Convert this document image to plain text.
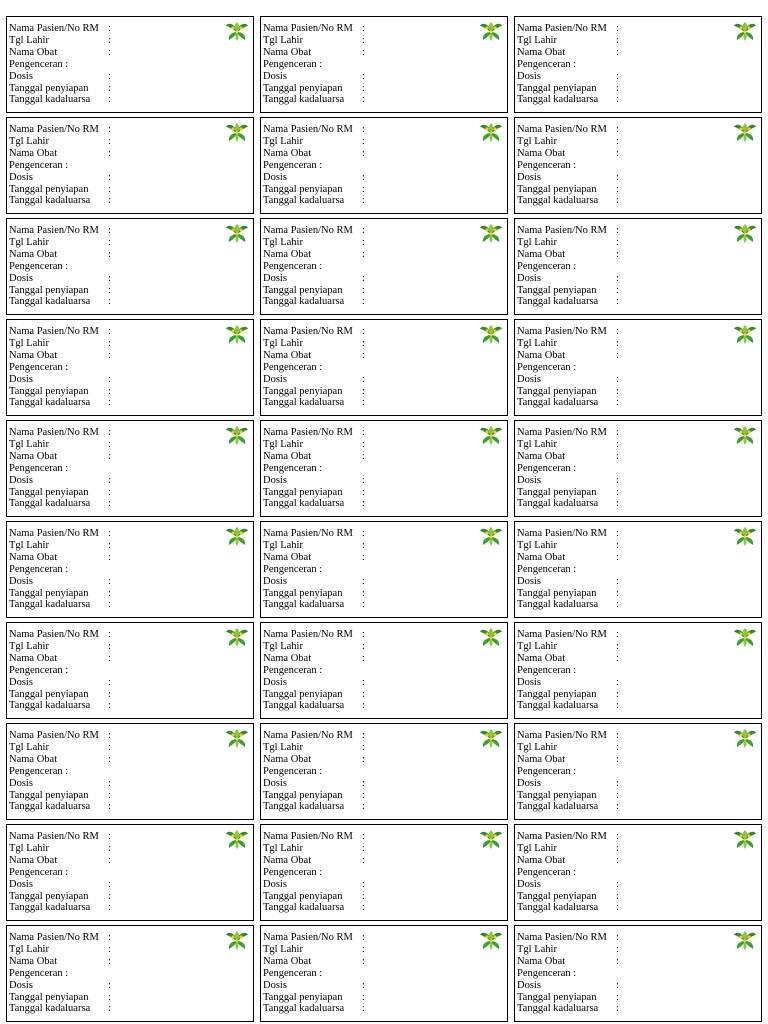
Nama Pasien/No RM :
Tgl Lahir	:
Nama Obat	:
Pengenceran :
Dosis	:
Tanggal penyiapan	:
Tanggal kadaluarsa	:
Nama Pasien/No RM :
Tgl Lahir	:
Nama Obat	:
Pengenceran :
Dosis	:
Tanggal penyiapan	:
Tanggal kadaluarsa	:
Nama Pasien/No RM :
Tgl Lahir	:
Nama Obat	:
Pengenceran :
Dosis	:
Tanggal penyiapan	:
Tanggal kadaluarsa	:
Nama Pasien/No RM :
Tgl Lahir	:
Nama Obat	:
Pengenceran :
Dosis	:
Tanggal penyiapan	:
Tanggal kadaluarsa	:
Nama Pasien/No RM :
Tgl Lahir	:
Nama Obat	:
Pengenceran :
Dosis	:
Tanggal penyiapan	:
Tanggal kadaluarsa	:
Nama Pasien/No RM :
Tgl Lahir	:
Nama Obat	:
Pengenceran :
Dosis	:
Tanggal penyiapan	:
Tanggal kadaluarsa	:
Nama Pasien/No RM :
Tgl Lahir	:
Nama Obat	:
Pengenceran :
Dosis	:
Tanggal penyiapan	:
Tanggal kadaluarsa	:
Nama Pasien/No RM :
Tgl Lahir	:
Nama Obat	:
Pengenceran :
Dosis	:
Tanggal penyiapan	:
Tanggal kadaluarsa	:
Nama Pasien/No RM :
Tgl Lahir	:
Nama Obat	:
Pengenceran :
Dosis	:
Tanggal penyiapan	:
Tanggal kadaluarsa	:
Nama Pasien/No RM :
Tgl Lahir	:
Nama Obat	:
Pengenceran :
Dosis	:
Tanggal penyiapan	:
Tanggal kadaluarsa	:
Nama Pasien/No RM :
Tgl Lahir	:
Nama Obat	:
Pengenceran :
Dosis	:
Tanggal penyiapan	:
Tanggal kadaluarsa	:
Nama Pasien/No RM :
Tgl Lahir	:
Nama Obat	:
Pengenceran :
Dosis	:
Tanggal penyiapan	:
Tanggal kadaluarsa	:
Nama Pasien/No RM :
Tgl Lahir	:
Nama Obat	:
Pengenceran :
Dosis	:
Tanggal penyiapan	:
Tanggal kadaluarsa	:
Nama Pasien/No RM :
Tgl Lahir	:
Nama Obat	:
Pengenceran :
Dosis	:
Tanggal penyiapan	:
Tanggal kadaluarsa	:
Nama Pasien/No RM :
Tgl Lahir	:
Nama Obat	:
Pengenceran :
Dosis	:
Tanggal penyiapan	:
Tanggal kadaluarsa	:
Nama Pasien/No RM :
Tgl Lahir	:
Nama Obat	:
Pengenceran :
Dosis	:
Tanggal penyiapan	:
Tanggal kadaluarsa	:
Nama Pasien/No RM :
Tgl Lahir	:
Nama Obat	:
Pengenceran :
Dosis	:
Tanggal penyiapan	:
Tanggal kadaluarsa	:
Nama Pasien/No RM :
Tgl Lahir	:
Nama Obat	:
Pengenceran :
Dosis	:
Tanggal penyiapan	:
Tanggal kadaluarsa	:
Nama Pasien/No RM :
Tgl Lahir	:
Nama Obat	:
Pengenceran :
Dosis	:
Tanggal penyiapan	:
Tanggal kadaluarsa	:
Nama Pasien/No RM :
Tgl Lahir	:
Nama Obat	:
Pengenceran :
Dosis	:
Tanggal penyiapan	:
Tanggal kadaluarsa	:
Nama Pasien/No RM :
Tgl Lahir	:
Nama Obat	:
Pengenceran :
Dosis	:
Tanggal penyiapan	:
Tanggal kadaluarsa	:
Nama Pasien/No RM :
Tgl Lahir	:
Nama Obat	:
Pengenceran :
Dosis	:
Tanggal penyiapan	:
Tanggal kadaluarsa	:
Nama Pasien/No RM :
Tgl Lahir	:
Nama Obat	:
Pengenceran :
Dosis	:
Tanggal penyiapan	:
Tanggal kadaluarsa	:
Nama Pasien/No RM :
Tgl Lahir	:
Nama Obat	:
Pengenceran :
Dosis	:
Tanggal penyiapan	:
Tanggal kadaluarsa	:
Nama Pasien/No RM :
Tgl Lahir	:
Nama Obat	:
Pengenceran :
Dosis	:
Tanggal penyiapan	:
Tanggal kadaluarsa	:
Nama Pasien/No RM :
Tgl Lahir	:
Nama Obat	:
Pengenceran :
Dosis	:
Tanggal penyiapan	:
Tanggal kadaluarsa	:
Nama Pasien/No RM :
Tgl Lahir	:
Nama Obat	:
Pengenceran :
Dosis	:
Tanggal penyiapan	:
Tanggal kadaluarsa	:
Nama Pasien/No RM :
Tgl Lahir	:
Nama Obat	:
Pengenceran :
Dosis	:
Tanggal penyiapan	:
Tanggal kadaluarsa	:
Nama Pasien/No RM :
Tgl Lahir	:
Nama Obat	:
Pengenceran :
Dosis	:
Tanggal penyiapan	:
Tanggal kadaluarsa	:
Nama Pasien/No RM :
Tgl Lahir	:
Nama Obat	:
Pengenceran :
Dosis	:
Tanggal penyiapan	:
Tanggal kadaluarsa	:
